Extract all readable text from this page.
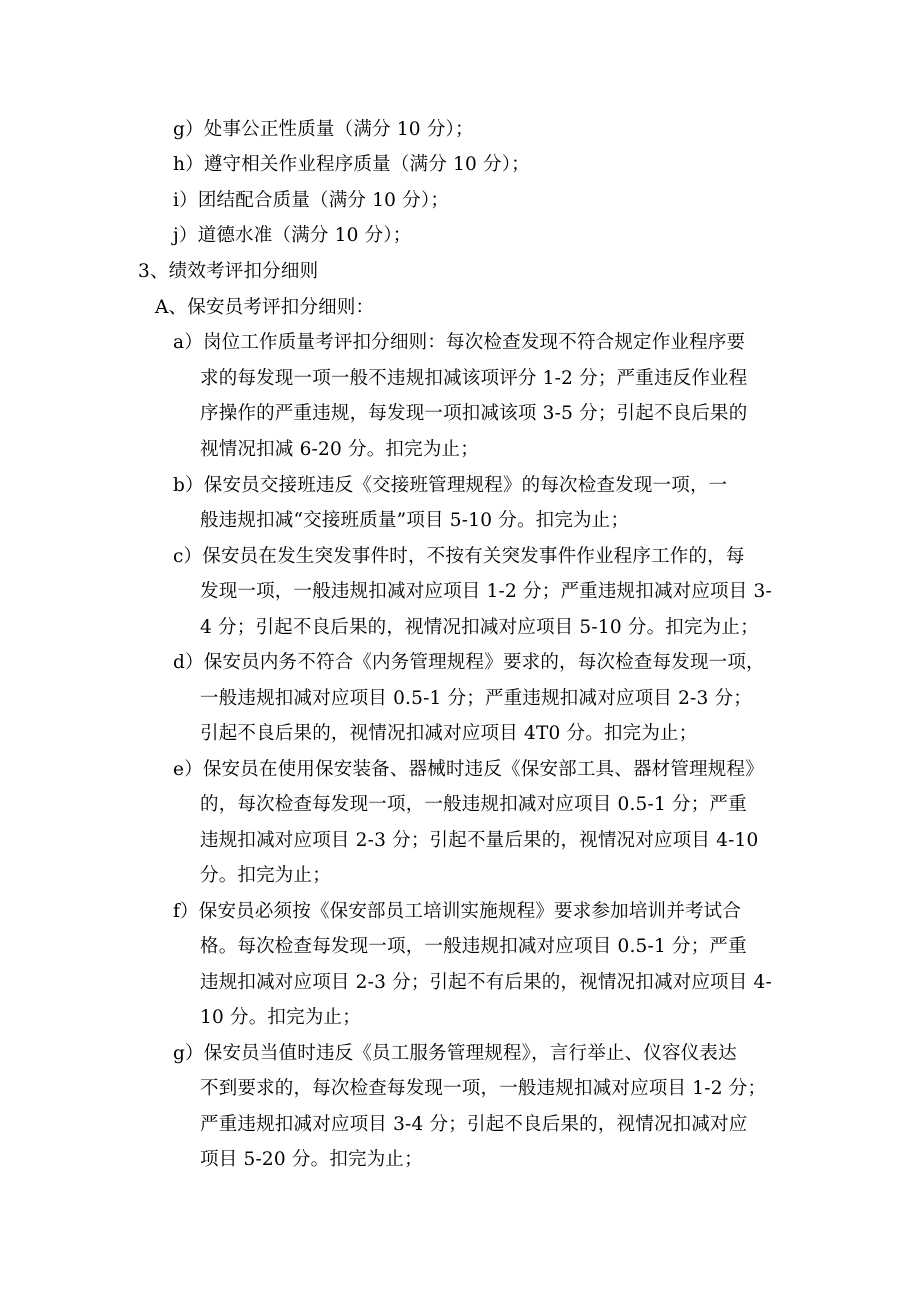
g）处事公正性质量（满分 10 分）；
h）遵守相关作业程序质量（满分 10 分）；
i）团结配合质量（满分 10 分）；
j）道德水准（满分 10 分）；
3、绩效考评扣分细则
A、保安员考评扣分细则：
a）岗位工作质量考评扣分细则：每次检查发现不符合规定作业程序要
求的每发现一项一般不违规扣减该项评分 1-2 分；严重违反作业程
序操作的严重违规，每发现一项扣减该项 3-5 分；引起不良后果的
视情况扣减 6-20 分。扣完为止；
b）保安员交接班违反《交接班管理规程》的每次检查发现一项，一
般违规扣减“交接班质量”项目 5-10 分。扣完为止；
c）保安员在发生突发事件时，不按有关突发事件作业程序工作的，每
发现一项，一般违规扣减对应项目 1-2 分；严重违规扣减对应项目 3-
4 分；引起不良后果的，视情况扣减对应项目 5-10 分。扣完为止；
d）保安员内务不符合《内务管理规程》要求的，每次检查每发现一项，
一般违规扣减对应项目 0.5-1 分；严重违规扣减对应项目 2-3 分；
引起不良后果的，视情况扣减对应项目 4T0 分。扣完为止；
e）保安员在使用保安装备、器械时违反《保安部工具、器材管理规程》
的，每次检查每发现一项，一般违规扣减对应项目 0.5-1 分；严重
违规扣减对应项目 2-3 分；引起不量后果的，视情况对应项目 4-10
分。扣完为止；
f）保安员必须按《保安部员工培训实施规程》要求参加培训并考试合
格。每次检查每发现一项，一般违规扣减对应项目 0.5-1 分；严重
违规扣减对应项目 2-3 分；引起不有后果的，视情况扣减对应项目 4-
10 分。扣完为止；
g）保安员当值时违反《员工服务管理规程》，言行举止、仪容仪表达
不到要求的，每次检查每发现一项，一般违规扣减对应项目 1-2 分；
严重违规扣减对应项目 3-4 分；引起不良后果的，视情况扣减对应
项目 5-20 分。扣完为止；
